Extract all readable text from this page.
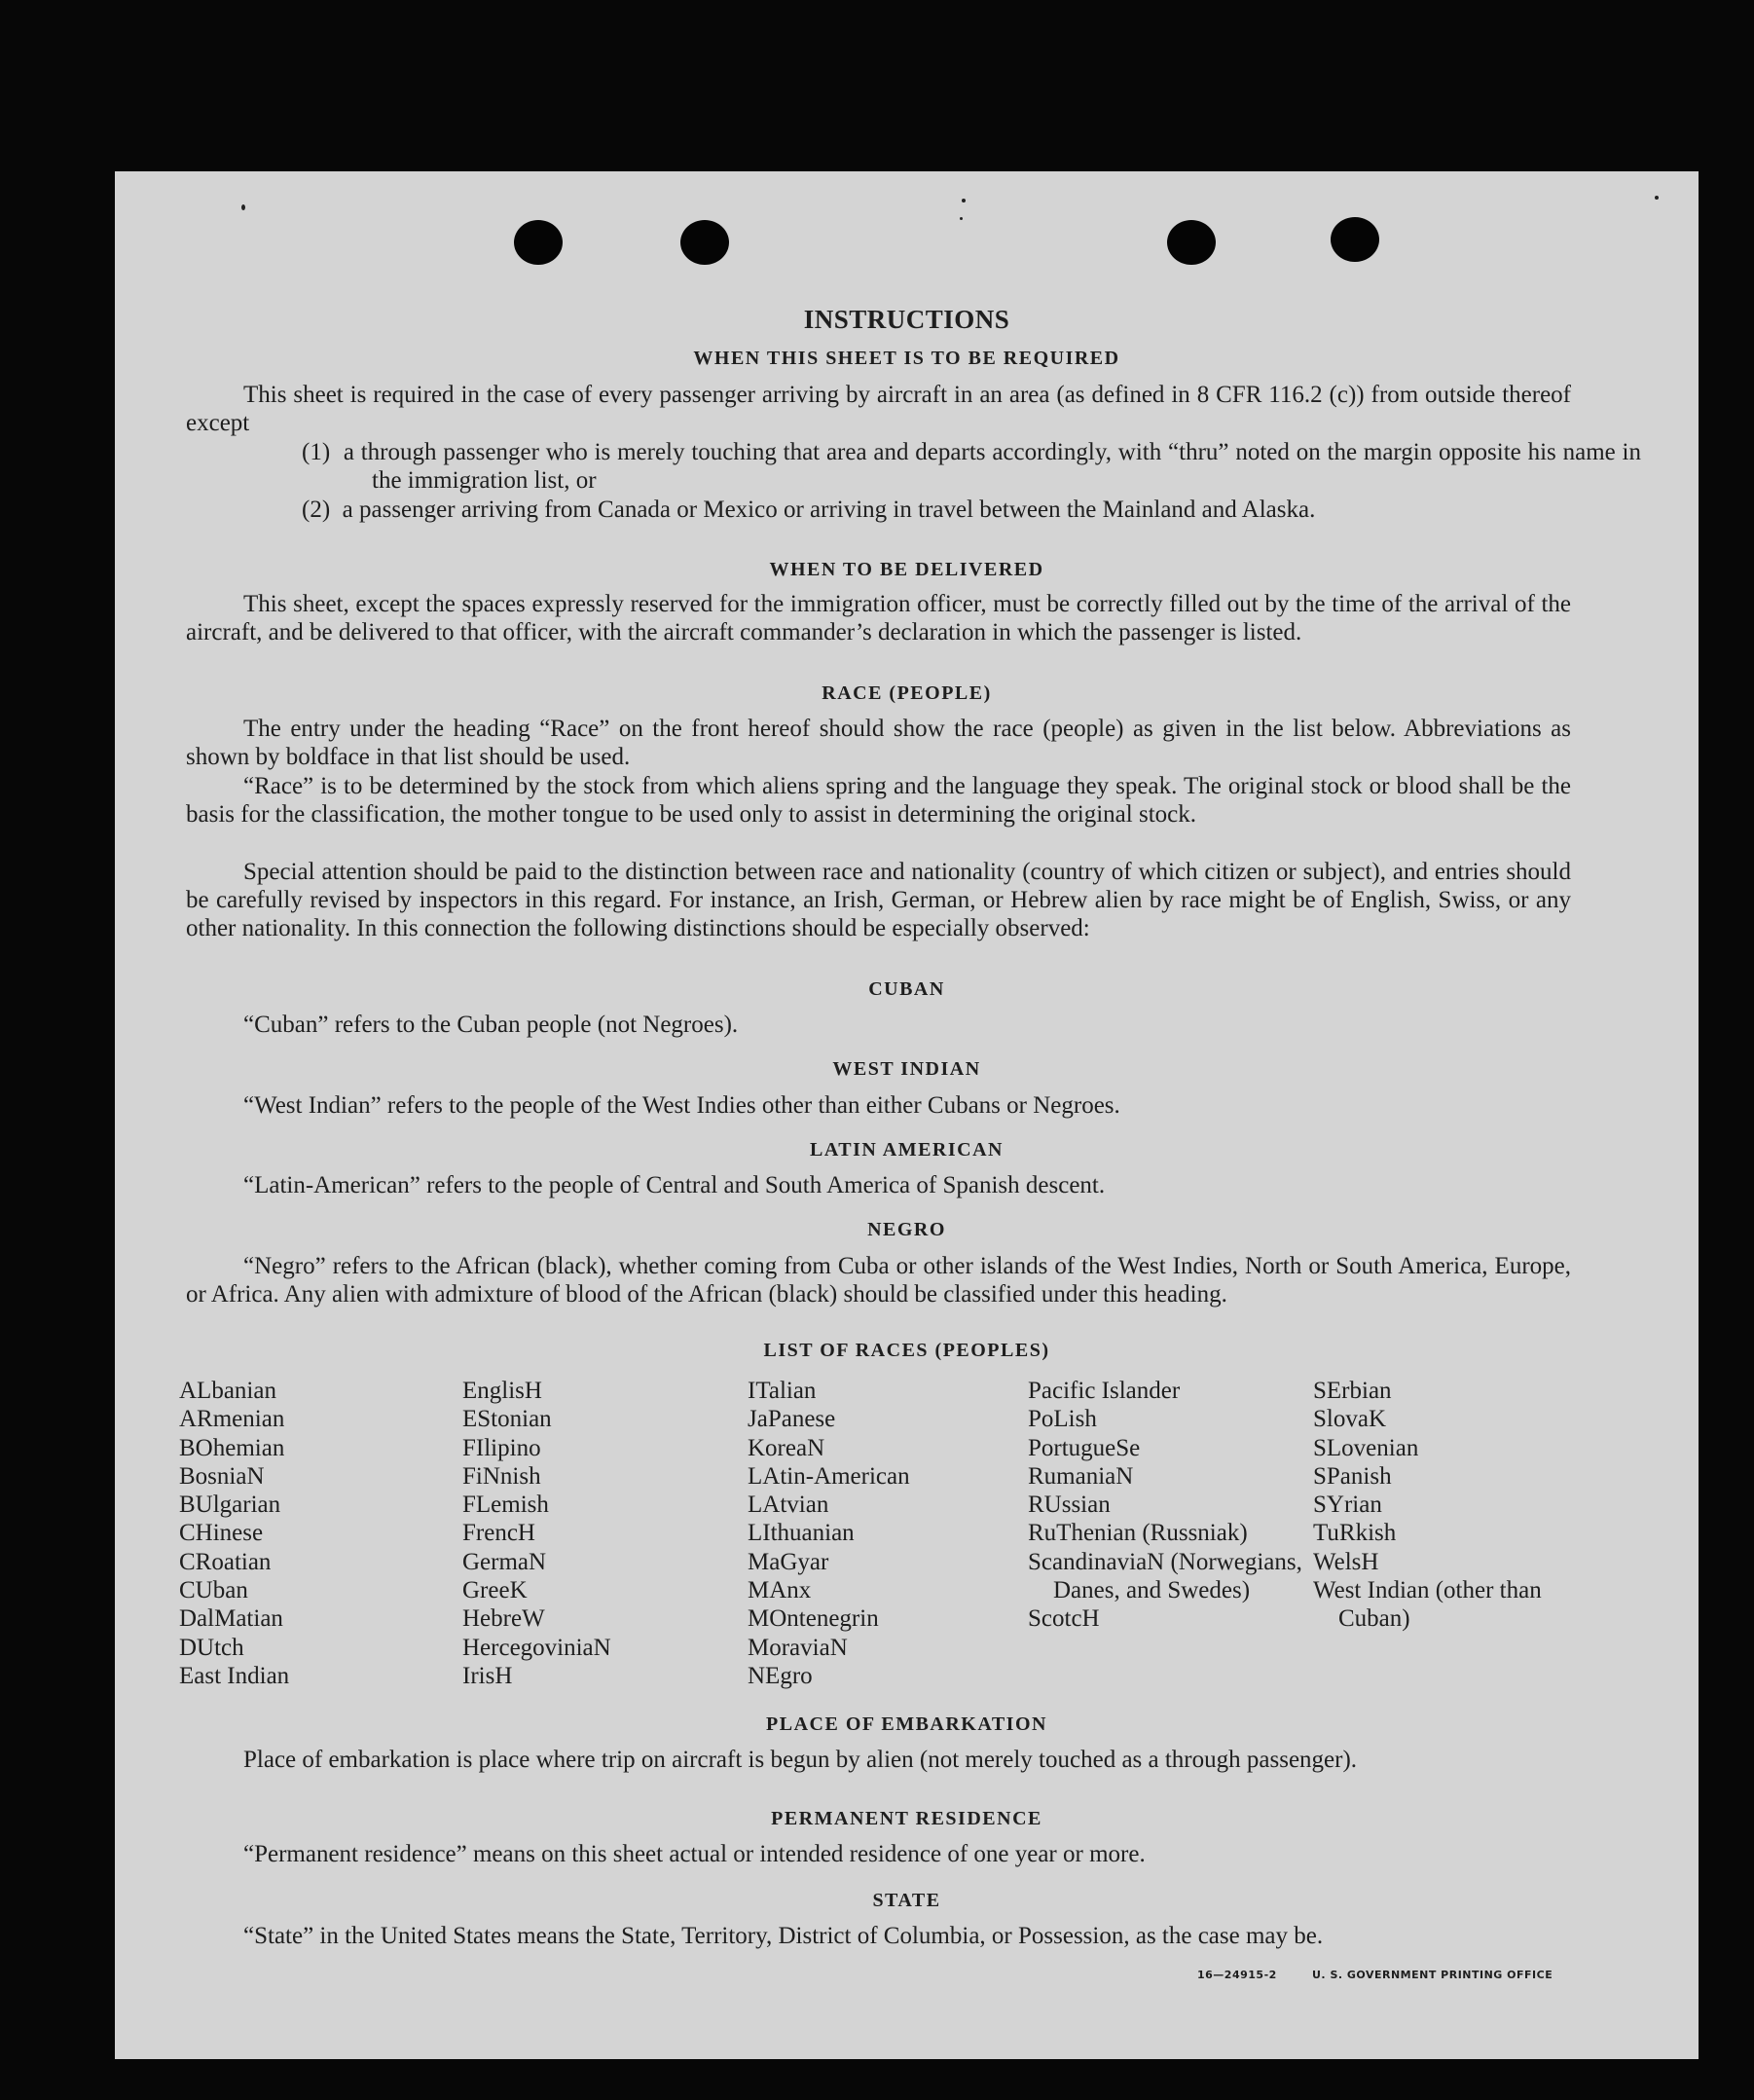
INSTRUCTIONS
WHEN THIS SHEET IS TO BE REQUIRED

This sheet is required in the case of every passenger arriving by aircraft in an area (as defined in 8 CFR 116.2 (c)) from outside thereof except

(1) a through passenger who is merely touching that area and departs accordingly, with “thru” noted on the margin opposite his name in the immigration list, or
(2) a passenger arriving from Canada or Mexico or arriving in travel between the Mainland and Alaska.
WHEN TO BE DELIVERED

This sheet, except the spaces expressly reserved for the immigration officer, must be correctly filled out by the time of the arrival of the aircraft, and be delivered to that officer, with the aircraft commander’s declaration in which the passenger is listed.

RACE (PEOPLE)

The entry under the heading “Race” on the front hereof should show the race (people) as given in the list below. Abbreviations as shown by boldface in that list should be used.

“Race” is to be determined by the stock from which aliens spring and the language they speak. The original stock or blood shall be the basis for the classification, the mother tongue to be used only to assist in determining the original stock.

Special attention should be paid to the distinction between race and nationality (country of which citizen or subject), and entries should be carefully revised by inspectors in this regard. For instance, an Irish, German, or Hebrew alien by race might be of English, Swiss, or any other nationality. In this connection the following distinctions should be especially observed:

CUBAN

“Cuban” refers to the Cuban people (not Negroes).

WEST INDIAN

“West Indian” refers to the people of the West Indies other than either Cubans or Negroes.

LATIN AMERICAN

“Latin-American” refers to the people of Central and South America of Spanish descent.

NEGRO

“Negro” refers to the African (black), whether coming from Cuba or other islands of the West Indies, North or South America, Europe, or Africa. Any alien with admixture of blood of the African (black) should be classified under this heading.

LIST OF RACES (PEOPLES)
ALbanian
ARmenian
BOhemian
BosniaN
BUlgarian
CHinese
CRoatian
CUban
DalMatian
DUtch
East Indian
EnglisH
EStonian
FIlipino
FiNnish
FLemish
FrencH
GermaN
GreeK
HebreW
HercegoviniaN
IrisH
ITalian
JaPanese
KoreaN
LAtin-American
LAtvian
LIthuanian
MaGyar
MAnx
MOntenegrin
MoraviaN
NEgro
Pacific Islander
PoLish
PortugueSe
RumaniaN
RUssian
RuThenian (Russniak)
ScandinaviaN (Norwegians, Danes, and Swedes)
ScotcH
SErbian
SlovaK
SLovenian
SPanish
SYrian
TuRkish
WelsH
West Indian (other than Cuban)
PLACE OF EMBARKATION

Place of embarkation is place where trip on aircraft is begun by alien (not merely touched as a through passenger).

PERMANENT RESIDENCE

“Permanent residence” means on this sheet actual or intended residence of one year or more.

STATE

“State” in the United States means the State, Territory, District of Columbia, or Possession, as the case may be.

16—24915-2	U. S. GOVERNMENT PRINTING OFFICE
